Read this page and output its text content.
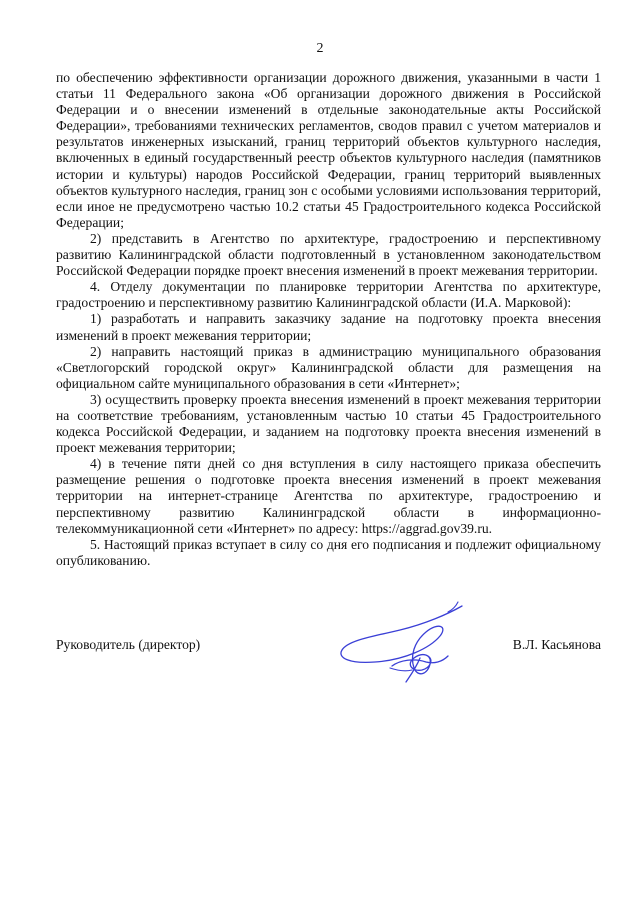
2

по обеспечению эффективности организации дорожного движения, указанными в части 1 статьи 11 Федерального закона «Об организации дорожного движения в Российской Федерации и о внесении изменений в отдельные законодательные акты Российской Федерации», требованиями технических регламентов, сводов правил с учетом материалов и результатов инженерных изысканий, границ территорий объектов культурного наследия, включенных в единый государственный реестр объектов культурного наследия (памятников истории и культуры) народов Российской Федерации, границ территорий выявленных объектов культурного наследия, границ зон с особыми условиями использования территорий, если иное не предусмотрено частью 10.2 статьи 45 Градостроительного кодекса Российской Федерации;

2) представить в Агентство по архитектуре, градостроению и перспективному развитию Калининградской области подготовленный в установленном законодательством Российской Федерации порядке проект внесения изменений в проект межевания территории.

4. Отделу документации по планировке территории Агентства по архитектуре, градостроению и перспективному развитию Калининградской области (И.А. Марковой):

1) разработать и направить заказчику задание на подготовку проекта внесения изменений в проект межевания территории;

2) направить настоящий приказ в администрацию муниципального образования «Светлогорский городской округ» Калининградской области для размещения на официальном сайте муниципального образования в сети «Интернет»;

3) осуществить проверку проекта внесения изменений в проект межевания территории на соответствие требованиям, установленным частью 10 статьи 45 Градостроительного кодекса Российской Федерации, и заданием на подготовку проекта внесения изменений в проект межевания территории;

4) в течение пяти дней со дня вступления в силу настоящего приказа обеспечить размещение решения о подготовке проекта внесения изменений в проект межевания территории на интернет-странице Агентства по архитектуре, градостроению и перспективному развитию Калининградской области в информационно-телекоммуникационной сети «Интернет» по адресу: https://aggrad.gov39.ru.

5. Настоящий приказ вступает в силу со дня его подписания и подлежит официальному опубликованию.

Руководитель (директор)	В.Л. Касьянова
